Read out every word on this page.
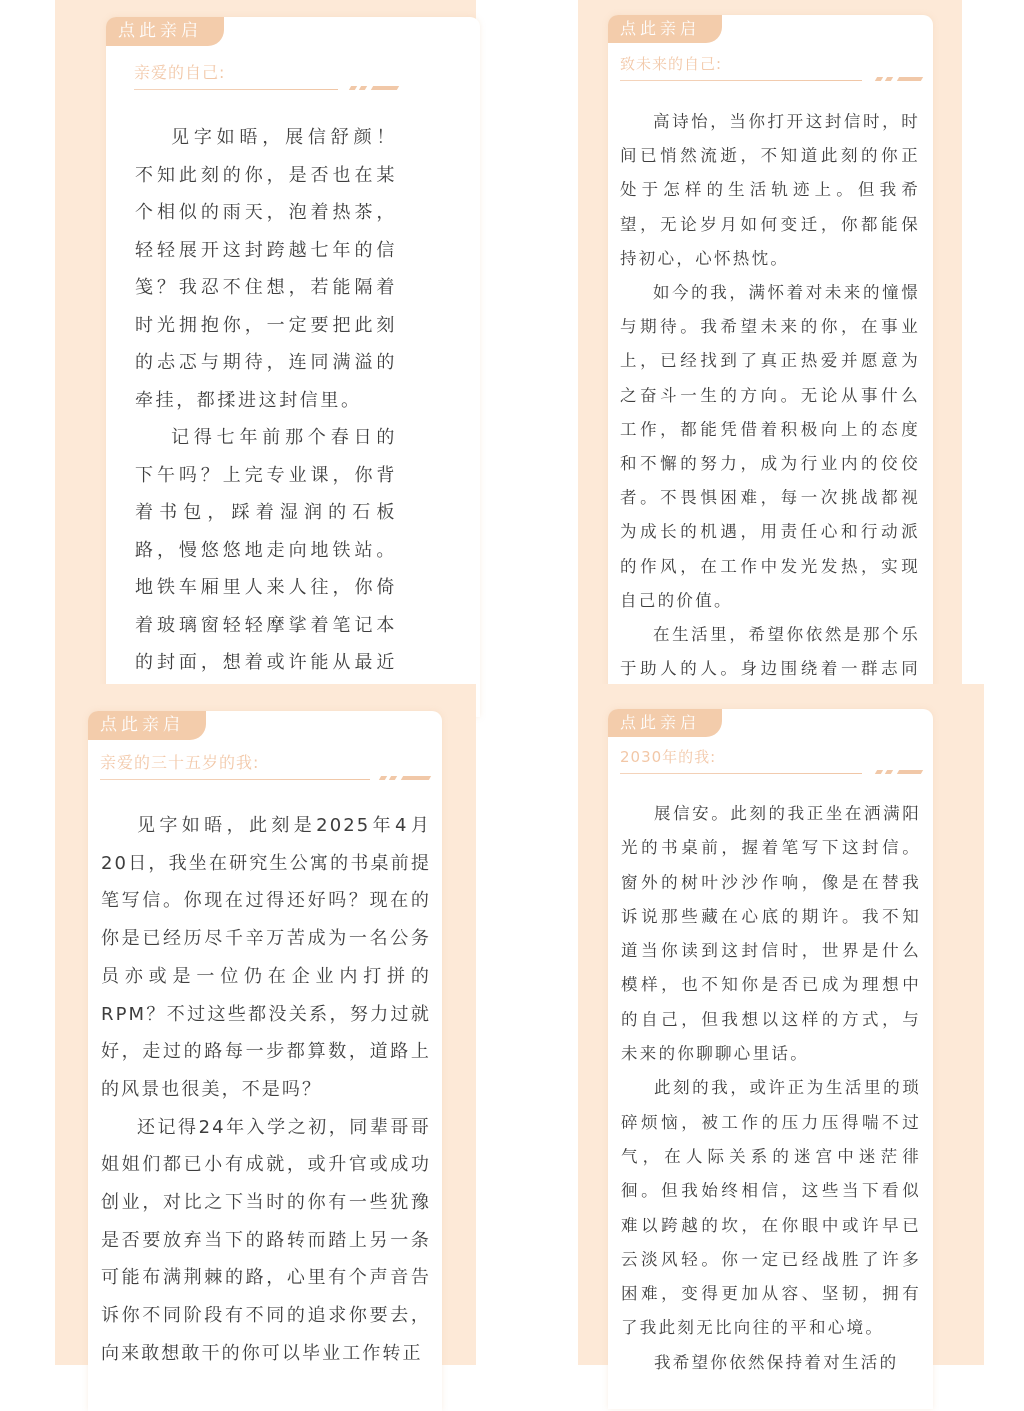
点此亲启
亲爱的自己:

见字如晤，展信舒颜！不知此刻的你，是否也在某个相似的雨天，泡着热茶，轻轻展开这封跨越七年的信笺？我忍不住想，若能隔着时光拥抱你，一定要把此刻的忐忑与期待，连同满溢的牵挂，都揉进这封信里。

记得七年前那个春日的下午吗？上完专业课，你背着书包，踩着湿润的石板路，慢悠悠地走向地铁站。地铁车厢里人来人往，你倚着玻璃窗轻轻摩挲着笔记本的封面，想着或许能从最近

点此亲启
致未来的自己:

高诗怡，当你打开这封信时，时间已悄然流逝，不知道此刻的你正处于怎样的生活轨迹上。但我希望，无论岁月如何变迁，你都能保持初心，心怀热忱。

如今的我，满怀着对未来的憧憬与期待。我希望未来的你，在事业上，已经找到了真正热爱并愿意为之奋斗一生的方向。无论从事什么工作，都能凭借着积极向上的态度和不懈的努力，成为行业内的佼佼者。不畏惧困难，每一次挑战都视为成长的机遇，用责任心和行动派的作风，在工作中发光发热，实现自己的价值。

在生活里，希望你依然是那个乐于助人的人。身边围绕着一群志同

点此亲启
亲爱的三十五岁的我:

见字如晤，此刻是2025年4月20日，我坐在研究生公寓的书桌前提笔写信。你现在过得还好吗？现在的你是已经历尽千辛万苦成为一名公务员亦或是一位仍在企业内打拼的RPM？不过这些都没关系，努力过就好，走过的路每一步都算数，道路上的风景也很美，不是吗？

还记得24年入学之初，同辈哥哥姐姐们都已小有成就，或升官或成功创业，对比之下当时的你有一些犹豫是否要放弃当下的路转而踏上另一条可能布满荆棘的路，心里有个声音告诉你不同阶段有不同的追求你要去，向来敢想敢干的你可以毕业工作转正

点此亲启
2030年的我:

展信安。此刻的我正坐在洒满阳光的书桌前，握着笔写下这封信。窗外的树叶沙沙作响，像是在替我诉说那些藏在心底的期许。我不知道当你读到这封信时，世界是什么模样，也不知你是否已成为理想中的自己，但我想以这样的方式，与未来的你聊聊心里话。

此刻的我，或许正为生活里的琐碎烦恼，被工作的压力压得喘不过气，在人际关系的迷宫中迷茫徘徊。但我始终相信，这些当下看似难以跨越的坎，在你眼中或许早已云淡风轻。你一定已经战胜了许多困难，变得更加从容、坚韧，拥有了我此刻无比向往的平和心境。

我希望你依然保持着对生活的
